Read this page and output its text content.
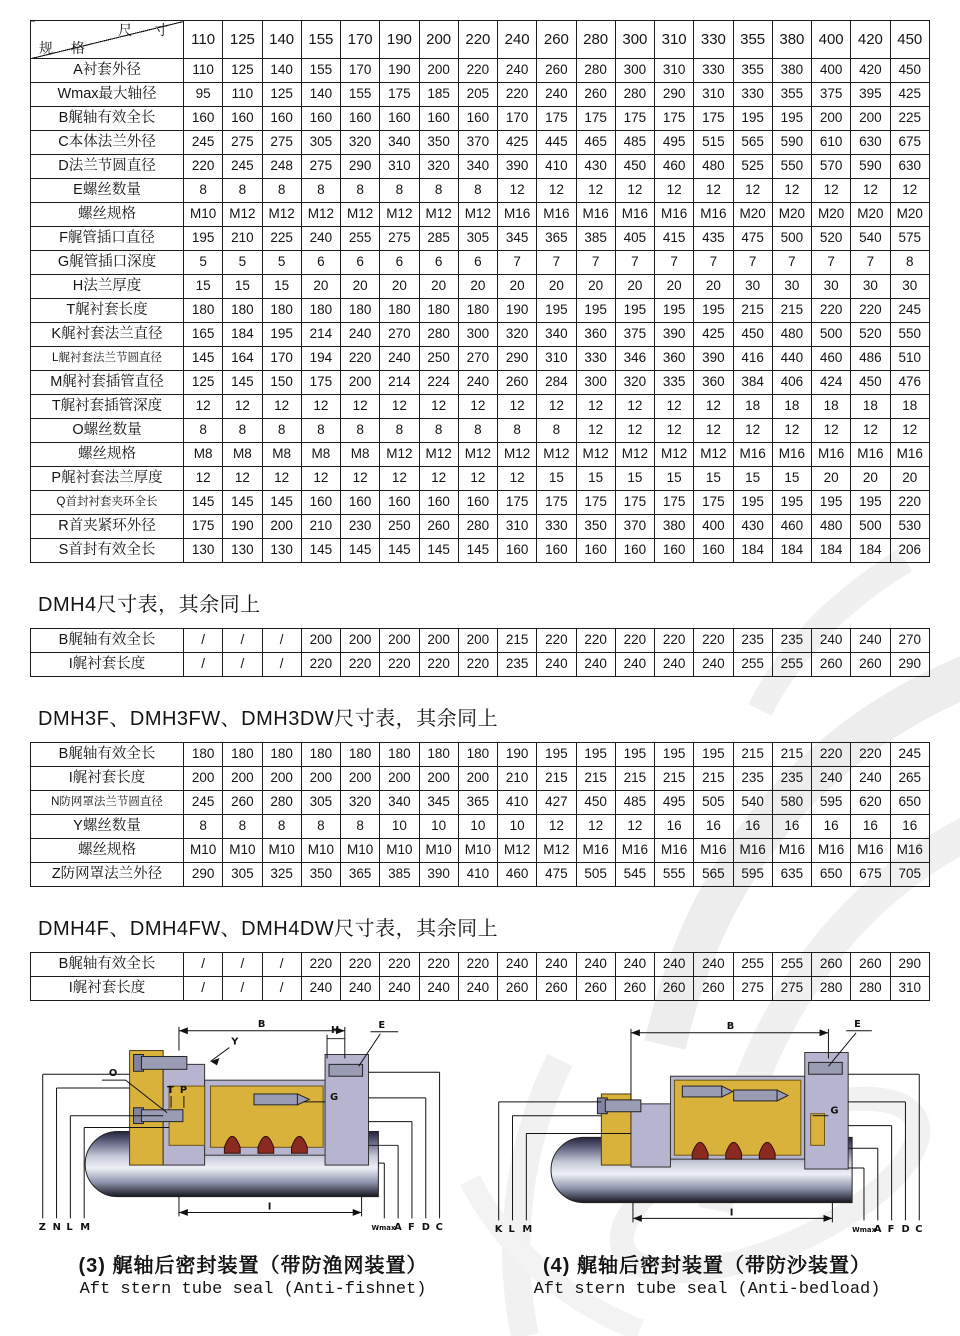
尺 寸
规 格	110	125	140	155	170	190	200	220	240	260	280	300	310	330	355	380	400	420	450
A衬套外径	110	125	140	155	170	190	200	220	240	260	280	300	310	330	355	380	400	420	450
Wmax最大轴径	95	110	125	140	155	175	185	205	220	240	260	280	290	310	330	355	375	395	425
B艉轴有效全长	160	160	160	160	160	160	160	160	170	175	175	175	175	175	195	195	200	200	225
C本体法兰外径	245	275	275	305	320	340	350	370	425	445	465	485	495	515	565	590	610	630	675
D法兰节圆直径	220	245	248	275	290	310	320	340	390	410	430	450	460	480	525	550	570	590	630
E螺丝数量	8	8	8	8	8	8	8	8	12	12	12	12	12	12	12	12	12	12	12
螺丝规格	M10	M12	M12	M12	M12	M12	M12	M12	M16	M16	M16	M16	M16	M16	M20	M20	M20	M20	M20
F艉管插口直径	195	210	225	240	255	275	285	305	345	365	385	405	415	435	475	500	520	540	575
G艉管插口深度	5	5	5	6	6	6	6	6	7	7	7	7	7	7	7	7	7	7	8
H法兰厚度	15	15	15	20	20	20	20	20	20	20	20	20	20	20	30	30	30	30	30
T艉衬套长度	180	180	180	180	180	180	180	180	190	195	195	195	195	195	215	215	220	220	245
K艉衬套法兰直径	165	184	195	214	240	270	280	300	320	340	360	375	390	425	450	480	500	520	550
L艉衬套法兰节圆直径	145	164	170	194	220	240	250	270	290	310	330	346	360	390	416	440	460	486	510
M艉衬套插管直径	125	145	150	175	200	214	224	240	260	284	300	320	335	360	384	406	424	450	476
T艉衬套插管深度	12	12	12	12	12	12	12	12	12	12	12	12	12	12	18	18	18	18	18
O螺丝数量	8	8	8	8	8	8	8	8	8	8	12	12	12	12	12	12	12	12	12
螺丝规格	M8	M8	M8	M8	M8	M12	M12	M12	M12	M12	M12	M12	M12	M12	M16	M16	M16	M16	M16
P艉衬套法兰厚度	12	12	12	12	12	12	12	12	12	15	15	15	15	15	15	15	20	20	20
Q首封衬套夹环全长	145	145	145	160	160	160	160	160	175	175	175	175	175	175	195	195	195	195	220
R首夹紧环外径	175	190	200	210	230	250	260	280	310	330	350	370	380	400	430	460	480	500	530
S首封有效全长	130	130	130	145	145	145	145	145	160	160	160	160	160	160	184	184	184	184	206
DMH4尺寸表，其余同上
B艉轴有效全长	/	/	/	200	200	200	200	200	215	220	220	220	220	220	235	235	240	240	270
I艉衬套长度	/	/	/	220	220	220	220	220	235	240	240	240	240	240	255	255	260	260	290
DMH3F、DMH3FW、DMH3DW尺寸表，其余同上
B艉轴有效全长	180	180	180	180	180	180	180	180	190	195	195	195	195	195	215	215	220	220	245
I艉衬套长度	200	200	200	200	200	200	200	200	210	215	215	215	215	215	235	235	240	240	265
N防网罩法兰节圆直径	245	260	280	305	320	340	345	365	410	427	450	485	495	505	540	580	595	620	650
Y螺丝数量	8	8	8	8	8	10	10	10	10	12	12	12	16	16	16	16	16	16	16
螺丝规格	M10	M10	M10	M10	M10	M10	M10	M10	M12	M12	M16	M16	M16	M16	M16	M16	M16	M16	M16
Z防网罩法兰外径	290	305	325	350	365	385	390	410	460	475	505	545	555	565	595	635	650	675	705
DMH4F、DMH4FW、DMH4DW尺寸表，其余同上
B艉轴有效全长	/	/	/	220	220	220	220	220	240	240	240	240	240	240	255	255	260	260	290
I艉衬套长度	/	/	/	240	240	240	240	240	260	260	260	260	260	260	275	275	280	280	310
B
Y
H	E
O
T P
G
Z N L M
I
Wmax
A F D C
(3) 艉轴后密封装置（带防渔网装置）
Aft stern tube seal (Anti-fishnet)
B	E
G
K L M
I
Wmax
A F D C
(4) 艉轴后密封装置（带防沙装置）
Aft stern tube seal (Anti-bedload)
